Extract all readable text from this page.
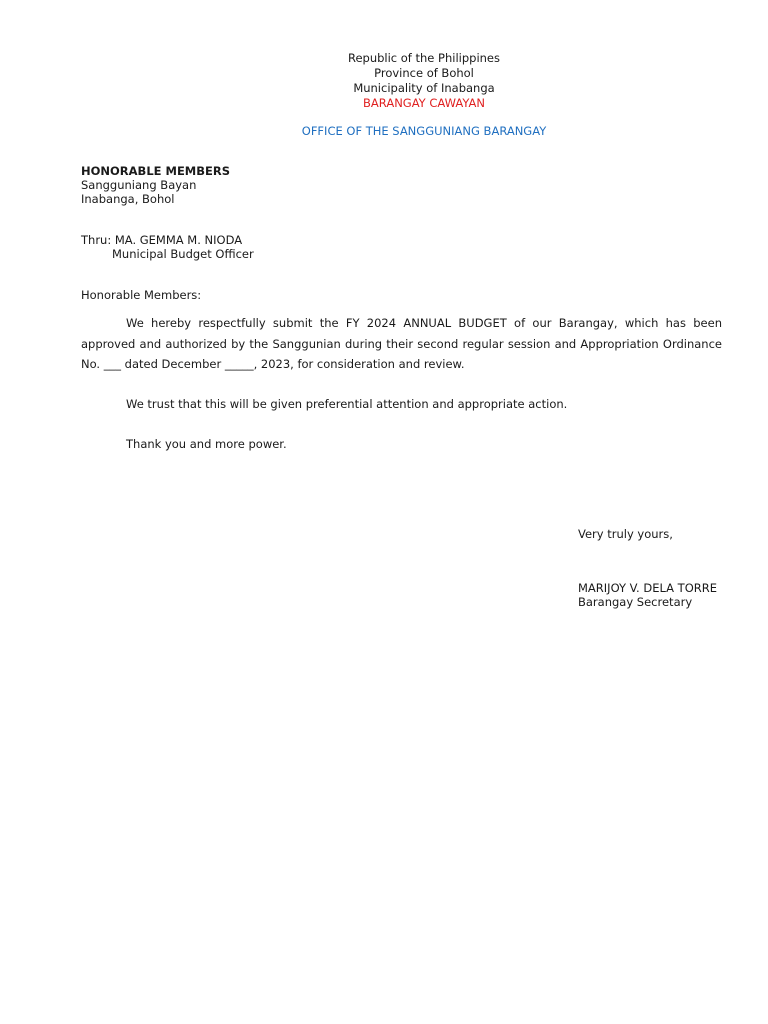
Republic of the Philippines
Province of Bohol
Municipality of Inabanga
BARANGAY CAWAYAN
OFFICE OF THE SANGGUNIANG BARANGAY
HONORABLE MEMBERS
Sangguniang Bayan
Inabanga, Bohol
Thru: MA. GEMMA M. NIODA
Municipal Budget Officer
Honorable Members:
We hereby respectfully submit the FY 2024 ANNUAL BUDGET of our Barangay, which has been approved and authorized by the Sanggunian during their second regular session and Appropriation Ordinance No. ___ dated December _____, 2023, for consideration and review.
We trust that this will be given preferential attention and appropriate action.
Thank you and more power.
Very truly yours,
MARIJOY V. DELA TORRE
Barangay Secretary
